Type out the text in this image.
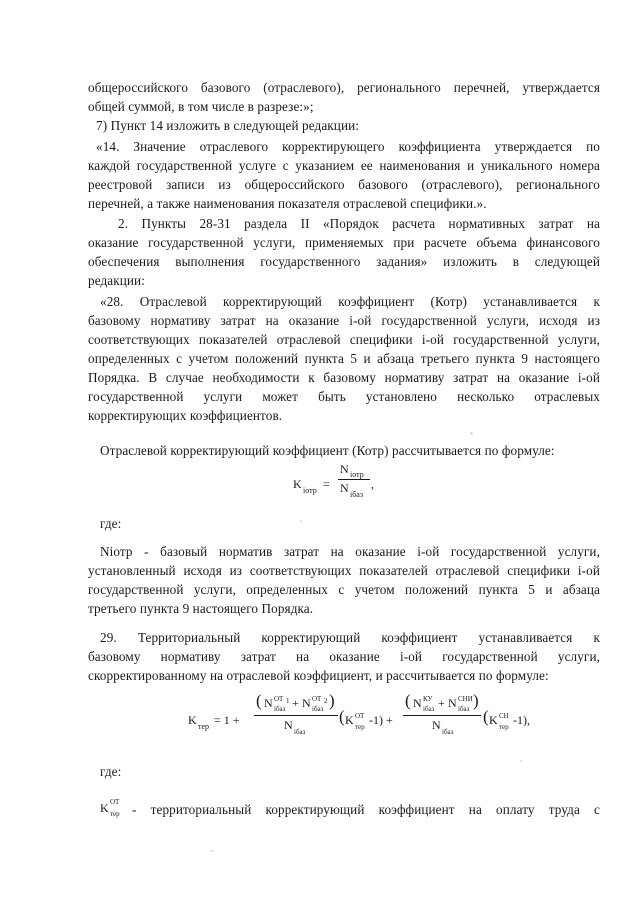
общероссийского базового (отраслевого), регионального перечней, утверждается

общей суммой, в том числе в разрезе:»;

7) Пункт 14 изложить в следующей редакции:

«14. Значение отраслевого корректирующего коэффициента утверждается по

каждой государственной услуге с указанием ее наименования и уникального номера

реестровой записи из общероссийского базового (отраслевого), регионального

перечней, а также наименования показателя отраслевой специфики.».

2. Пункты 28-31 раздела II «Порядок расчета нормативных затрат на

оказание государственной услуги, применяемых при расчете объема финансового

обеспечения выполнения государственного задания» изложить в следующей

редакции:

«28. Отраслевой корректирующий коэффициент (Котр) устанавливается к

базовому нормативу затрат на оказание i-ой государственной услуги, исходя из

соответствующих показателей отраслевой специфики i-ой государственной услуги,

определенных с учетом положений пункта 5 и абзаца третьего пункта 9 настоящего

Порядка. В случае необходимости к базовому нормативу затрат на оказание i-ой

государственной услуги может быть установлено несколько отраслевых

корректирующих коэффициентов.

Отраслевой корректирующий коэффициент (Котр) рассчитывается по формуле:

K iотр =
N iотр
N iбаз
,

где:

Niотр - базовый норматив затрат на оказание i-ой государственной услуги,

установленный исходя из соответствующих показателей отраслевой специфики i-ой

государственной услуги, определенных с учетом положений пункта 5 и абзаца

третьего пункта 9 настоящего Порядка.

29. Территориальный корректирующий коэффициент устанавливается к

базовому нормативу затрат на оказание i-ой государственной услуги,

скорректированному на отраслевой коэффициент, и рассчитывается по формуле:

K тер = 1 +
( N ОТ 1
iбаз + N ОТ 2
iбаз )
N iбаз
( K ОТ
тер -1) +
( N КУ
iбаз + N СНИ
iбаз )
N iбаз
( K СН
тер -1),

где:

K ОТ
тер - территориальный корректирующий коэффициент на оплату труда с
